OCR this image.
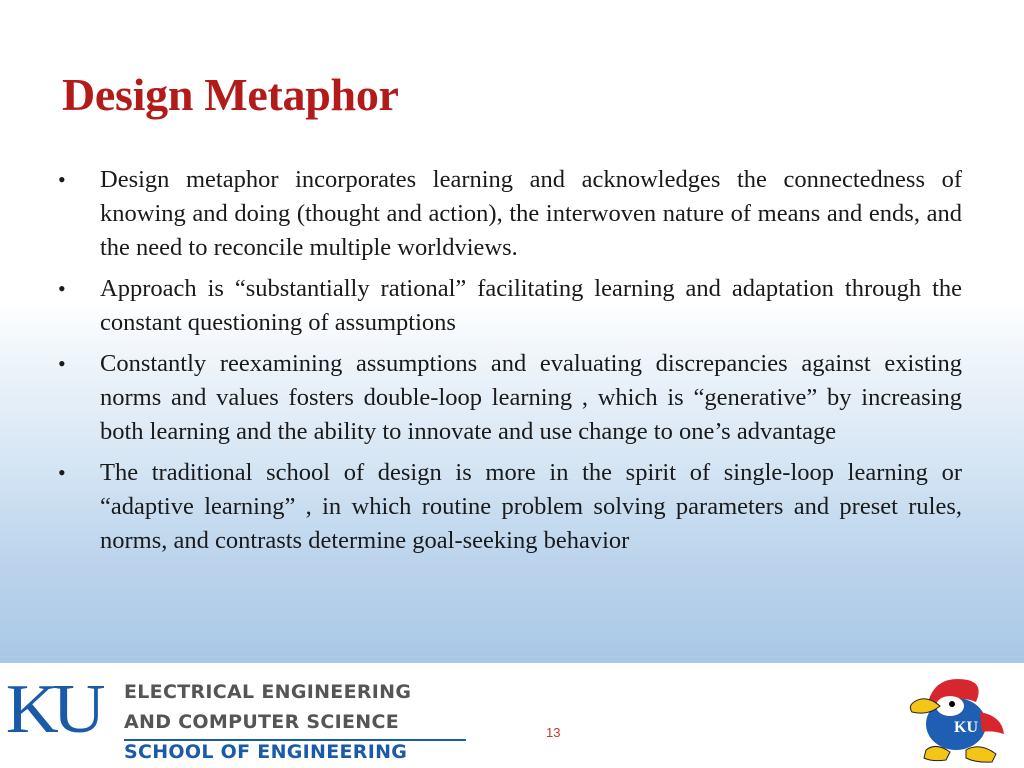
Design Metaphor
• Design metaphor incorporates learning and acknowledges the connectedness of knowing and doing (thought and action), the interwoven nature of means and ends, and the need to reconcile multiple worldviews.
• Approach is “substantially rational” facilitating learning and adaptation through the constant questioning of assumptions
• Constantly reexamining assumptions and evaluating discrepancies against existing norms and values fosters double-loop learning , which is “generative” by increasing both learning and the ability to innovate and use change to one’s advantage
• The traditional school of design is more in the spirit of single-loop learning or “adaptive learning” , in which routine problem solving parameters and preset rules, norms, and contrasts determine goal-seeking behavior
KU ELECTRICAL ENGINEERING
AND COMPUTER SCIENCE
SCHOOL OF ENGINEERING
13	KU
